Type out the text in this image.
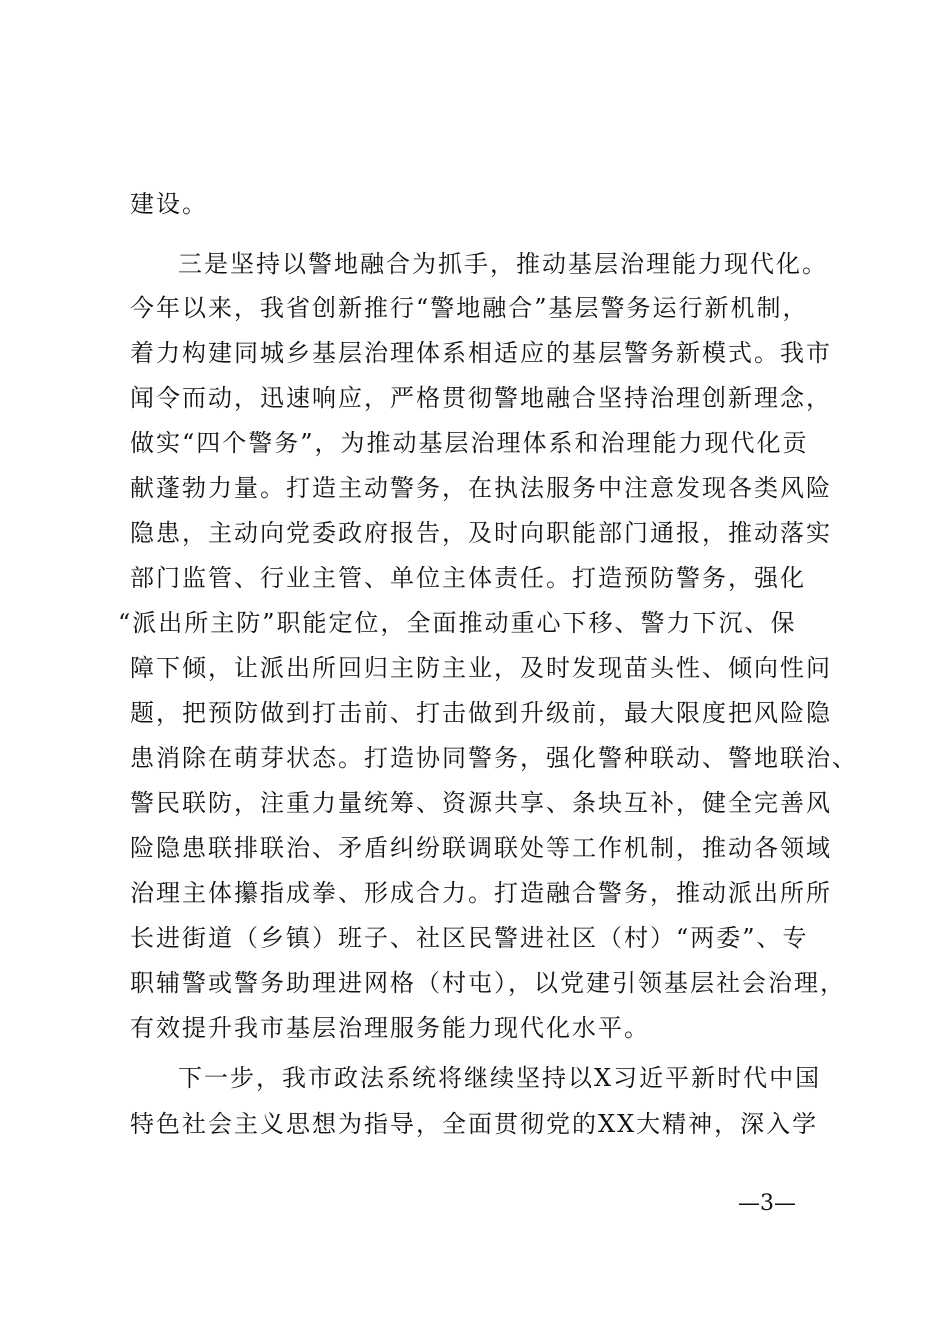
建设。
三是坚持以警地融合为抓手，推动基层治理能力现代化。
今年以来，我省创新推行“警地融合”基层警务运行新机制，
着力构建同城乡基层治理体系相适应的基层警务新模式。我市
闻令而动，迅速响应，严格贯彻警地融合坚持治理创新理念，
做实“四个警务”，为推动基层治理体系和治理能力现代化贡
献蓬勃力量。打造主动警务，在执法服务中注意发现各类风险
隐患，主动向党委政府报告，及时向职能部门通报，推动落实
部门监管、行业主管、单位主体责任。打造预防警务，强化
“派出所主防”职能定位，全面推动重心下移、警力下沉、保
障下倾，让派出所回归主防主业，及时发现苗头性、倾向性问
题，把预防做到打击前、打击做到升级前，最大限度把风险隐
患消除在萌芽状态。打造协同警务，强化警种联动、警地联治、
警民联防，注重力量统筹、资源共享、条块互补，健全完善风
险隐患联排联治、矛盾纠纷联调联处等工作机制，推动各领域
治理主体攥指成拳、形成合力。打造融合警务，推动派出所所
长进街道（乡镇）班子、社区民警进社区（村）“两委”、专
职辅警或警务助理进网格（村屯），以党建引领基层社会治理，
有效提升我市基层治理服务能力现代化水平。
下一步，我市政法系统将继续坚持以X习近平新时代中国
特色社会主义思想为指导，全面贯彻党的XX大精神，深入学
—3—
